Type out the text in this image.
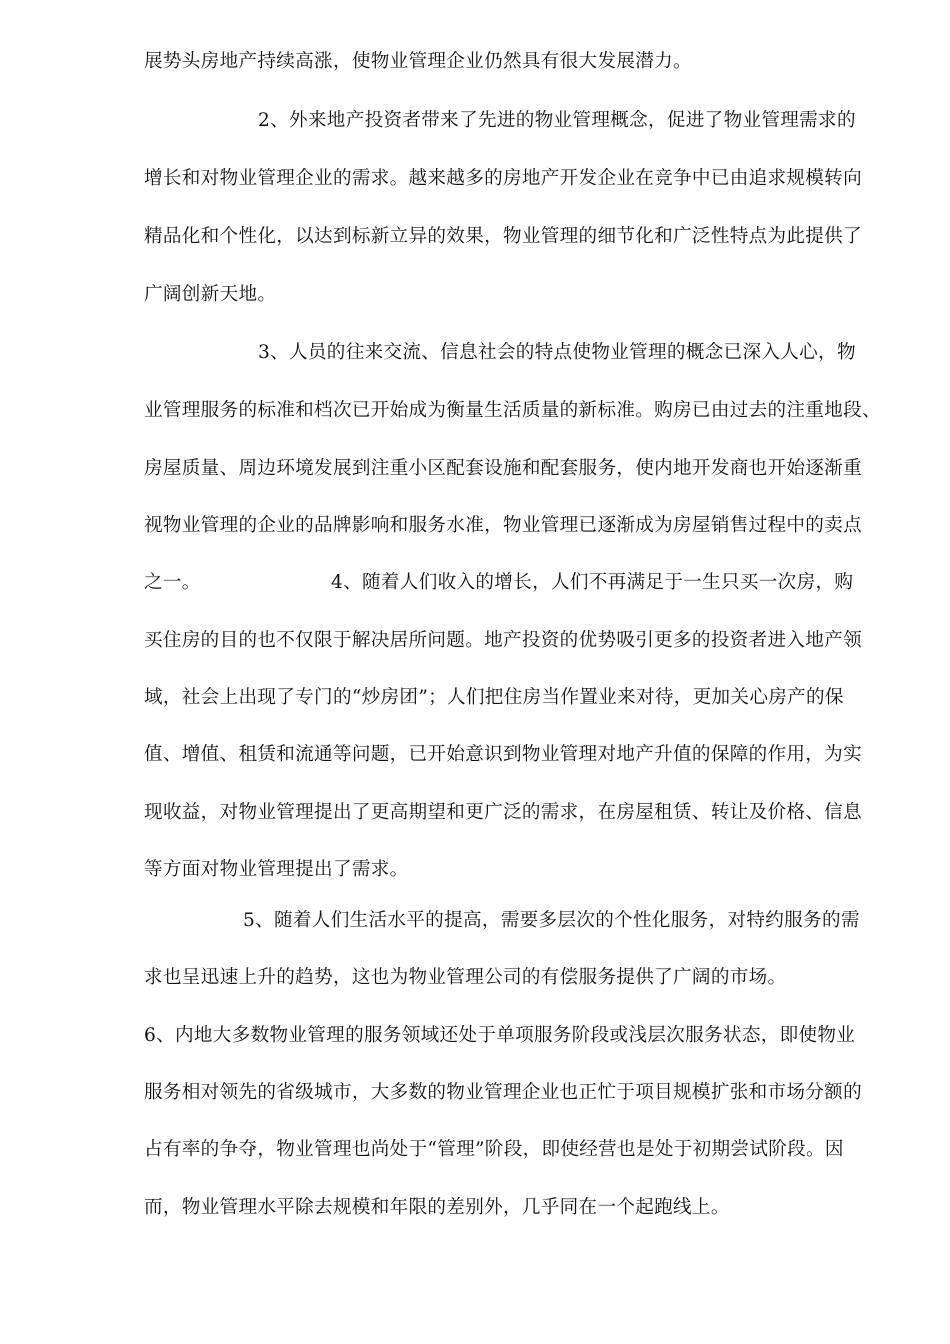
展势头房地产持续高涨，使物业管理企业仍然具有很大发展潜力。
2、外来地产投资者带来了先进的物业管理概念，促进了物业管理需求的
增长和对物业管理企业的需求。越来越多的房地产开发企业在竞争中已由追求规模转向
精品化和个性化，以达到标新立异的效果，物业管理的细节化和广泛性特点为此提供了
广阔创新天地。
3、人员的往来交流、信息社会的特点使物业管理的概念已深入人心，物
业管理服务的标准和档次已开始成为衡量生活质量的新标准。购房已由过去的注重地段、
房屋质量、周边环境发展到注重小区配套设施和配套服务，使内地开发商也开始逐渐重
视物业管理的企业的品牌影响和服务水准，物业管理已逐渐成为房屋销售过程中的卖点
之一。	4、随着人们收入的增长，人们不再满足于一生只买一次房，购
买住房的目的也不仅限于解决居所问题。地产投资的优势吸引更多的投资者进入地产领
域，社会上出现了专门的“炒房团”；人们把住房当作置业来对待，更加关心房产的保
值、增值、租赁和流通等问题，已开始意识到物业管理对地产升值的保障的作用，为实
现收益，对物业管理提出了更高期望和更广泛的需求，在房屋租赁、转让及价格、信息
等方面对物业管理提出了需求。
5、随着人们生活水平的提高，需要多层次的个性化服务，对特约服务的需
求也呈迅速上升的趋势，这也为物业管理公司的有偿服务提供了广阔的市场。
6、内地大多数物业管理的服务领域还处于单项服务阶段或浅层次服务状态，即使物业
服务相对领先的省级城市，大多数的物业管理企业也正忙于项目规模扩张和市场分额的
占有率的争夺，物业管理也尚处于“管理”阶段，即使经营也是处于初期尝试阶段。因
而，物业管理水平除去规模和年限的差别外，几乎同在一个起跑线上。
